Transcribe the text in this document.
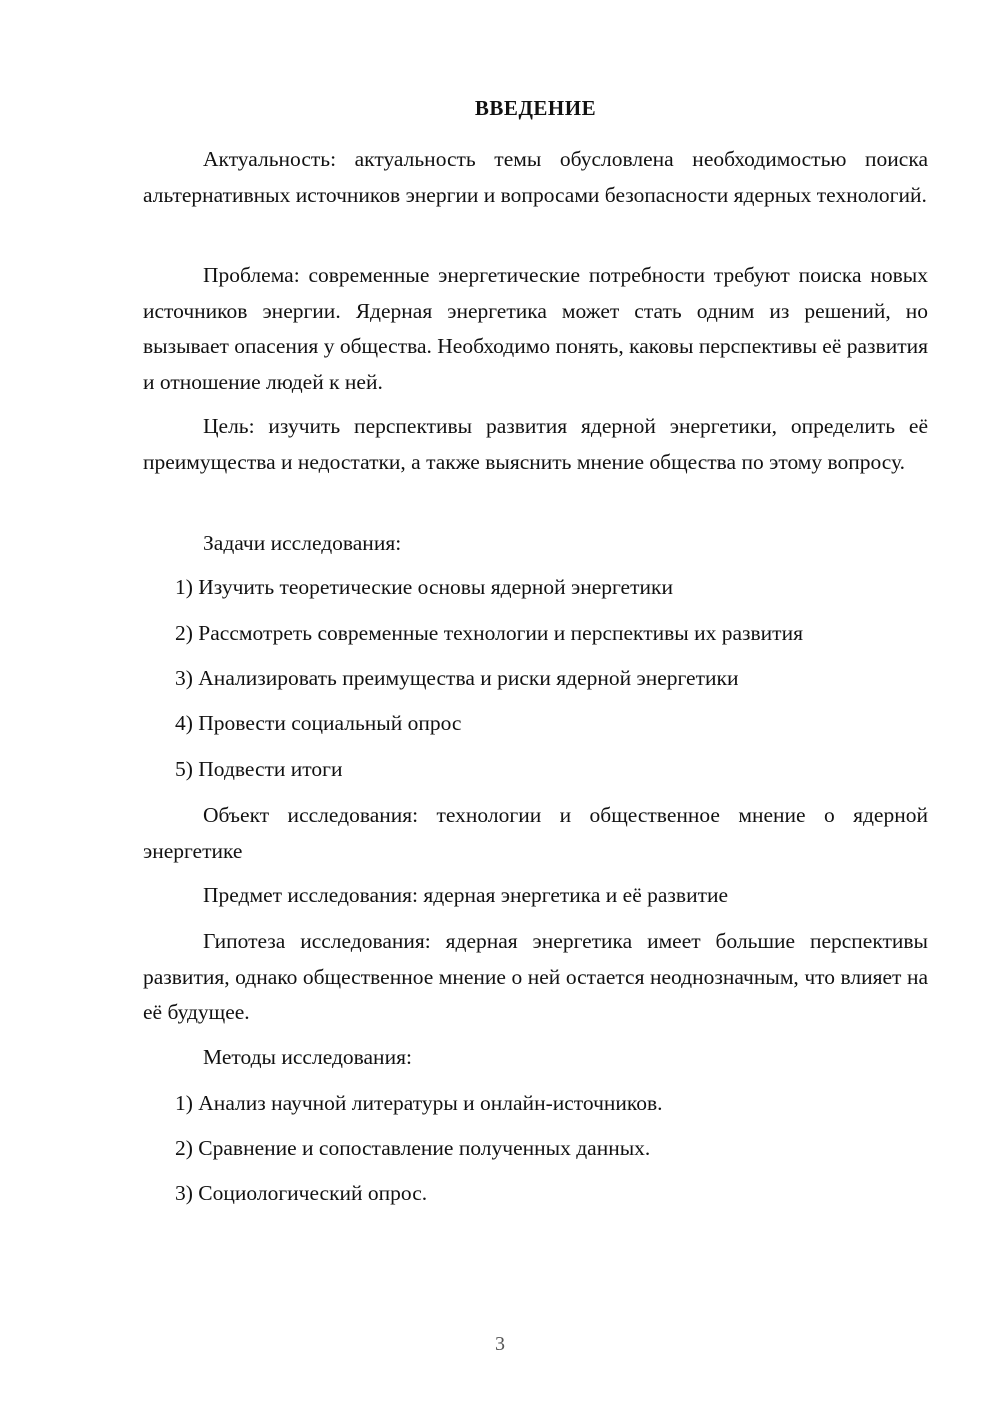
ВВЕДЕНИЕ

Актуальность: актуальность темы обусловлена необходимостью поиска альтернативных источников энергии и вопросами безопасности ядерных технологий.

Проблема: современные энергетические потребности требуют поиска новых источников энергии. Ядерная энергетика может стать одним из решений, но вызывает опасения у общества. Необходимо понять, каковы перспективы её развития и отношение людей к ней.

Цель: изучить перспективы развития ядерной энергетики, определить её преимущества и недостатки, а также выяснить мнение общества по этому вопросу.

Задачи исследования:

1) Изучить теоретические основы ядерной энергетики

2) Рассмотреть современные технологии и перспективы их развития

3) Анализировать преимущества и риски ядерной энергетики

4) Провести социальный опрос

5) Подвести итоги

Объект исследования: технологии и общественное мнение о ядерной энергетике

Предмет исследования: ядерная энергетика и её развитие

Гипотеза исследования: ядерная энергетика имеет большие перспективы развития, однако общественное мнение о ней остается неоднозначным, что влияет на её будущее.

Методы исследования:

1) Анализ научной литературы и онлайн-источников.

2) Сравнение и сопоставление полученных данных.

3) Социологический опрос.

3
